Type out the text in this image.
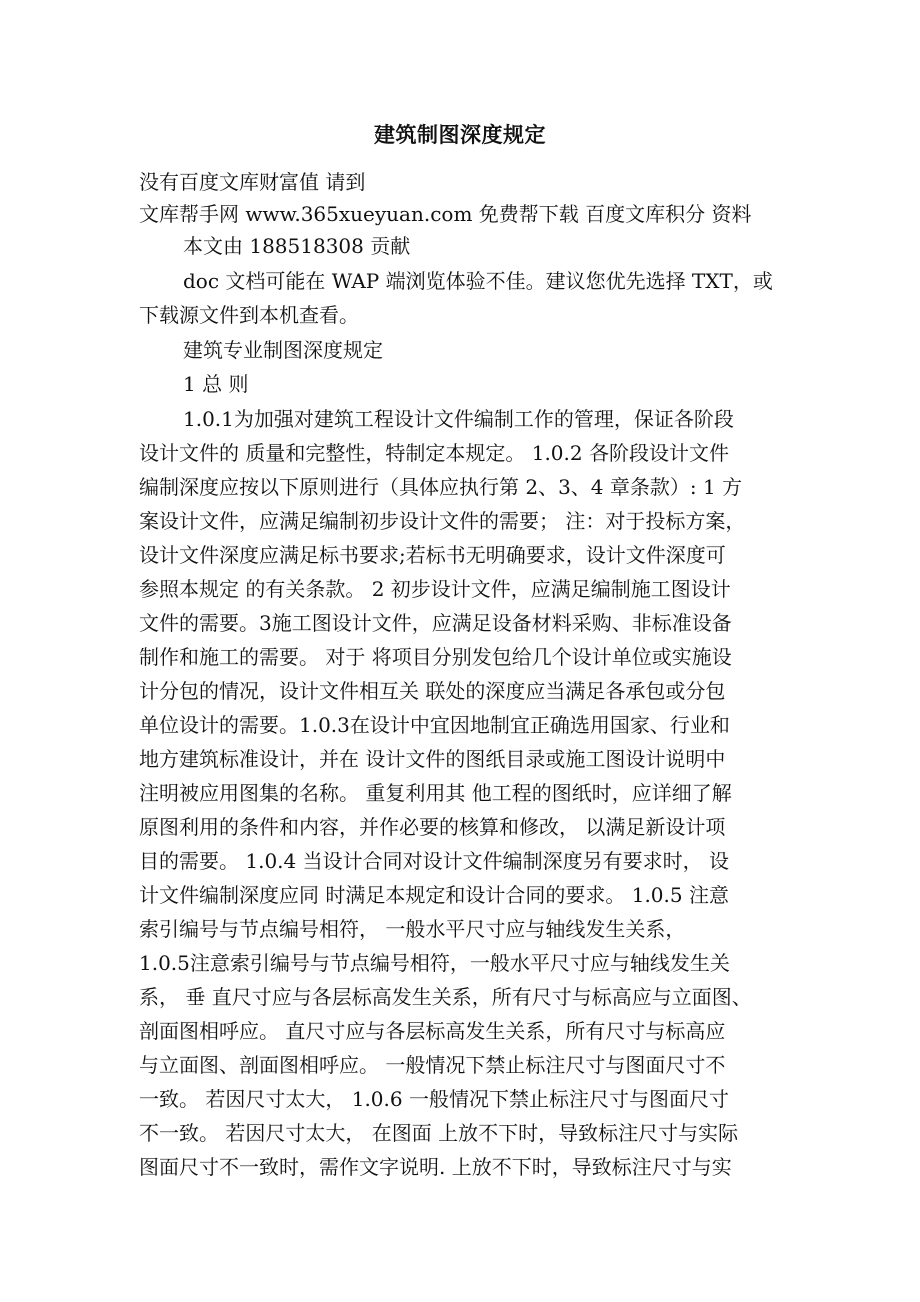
建筑制图深度规定
没有百度文库财富值 请到
文库帮手网 www.365xueyuan.com 免费帮下载 百度文库积分 资料
本文由 188518308 贡献
doc 文档可能在 WAP 端浏览体验不佳。建议您优先选择 TXT，或
下载源文件到本机查看。
建筑专业制图深度规定
1 总 则
1.0.1为加强对建筑工程设计文件编制工作的管理，保证各阶段
设计文件的 质量和完整性，特制定本规定。 1.0.2 各阶段设计文件
编制深度应按以下原则进行（具体应执行第 2、3、4 章条款）: 1 方
案设计文件，应满足编制初步设计文件的需要； 注：对于投标方案，
设计文件深度应满足标书要求;若标书无明确要求，设计文件深度可
参照本规定 的有关条款。 2 初步设计文件，应满足编制施工图设计
文件的需要。3施工图设计文件，应满足设备材料采购、非标准设备
制作和施工的需要。 对于 将项目分别发包给几个设计单位或实施设
计分包的情况，设计文件相互关 联处的深度应当满足各承包或分包
单位设计的需要。1.0.3在设计中宜因地制宜正确选用国家、行业和
地方建筑标准设计，并在 设计文件的图纸目录或施工图设计说明中
注明被应用图集的名称。 重复利用其 他工程的图纸时，应详细了解
原图利用的条件和内容，并作必要的核算和修改， 以满足新设计项
目的需要。 1.0.4 当设计合同对设计文件编制深度另有要求时， 设
计文件编制深度应同 时满足本规定和设计合同的要求。 1.0.5 注意
索引编号与节点编号相符， 一般水平尺寸应与轴线发生关系，
1.0.5注意索引编号与节点编号相符，一般水平尺寸应与轴线发生关
系， 垂 直尺寸应与各层标高发生关系，所有尺寸与标高应与立面图、
剖面图相呼应。 直尺寸应与各层标高发生关系，所有尺寸与标高应
与立面图、剖面图相呼应。 一般情况下禁止标注尺寸与图面尺寸不
一致。 若因尺寸太大， 1.0.6 一般情况下禁止标注尺寸与图面尺寸
不一致。 若因尺寸太大， 在图面 上放不下时，导致标注尺寸与实际
图面尺寸不一致时，需作文字说明. 上放不下时，导致标注尺寸与实
